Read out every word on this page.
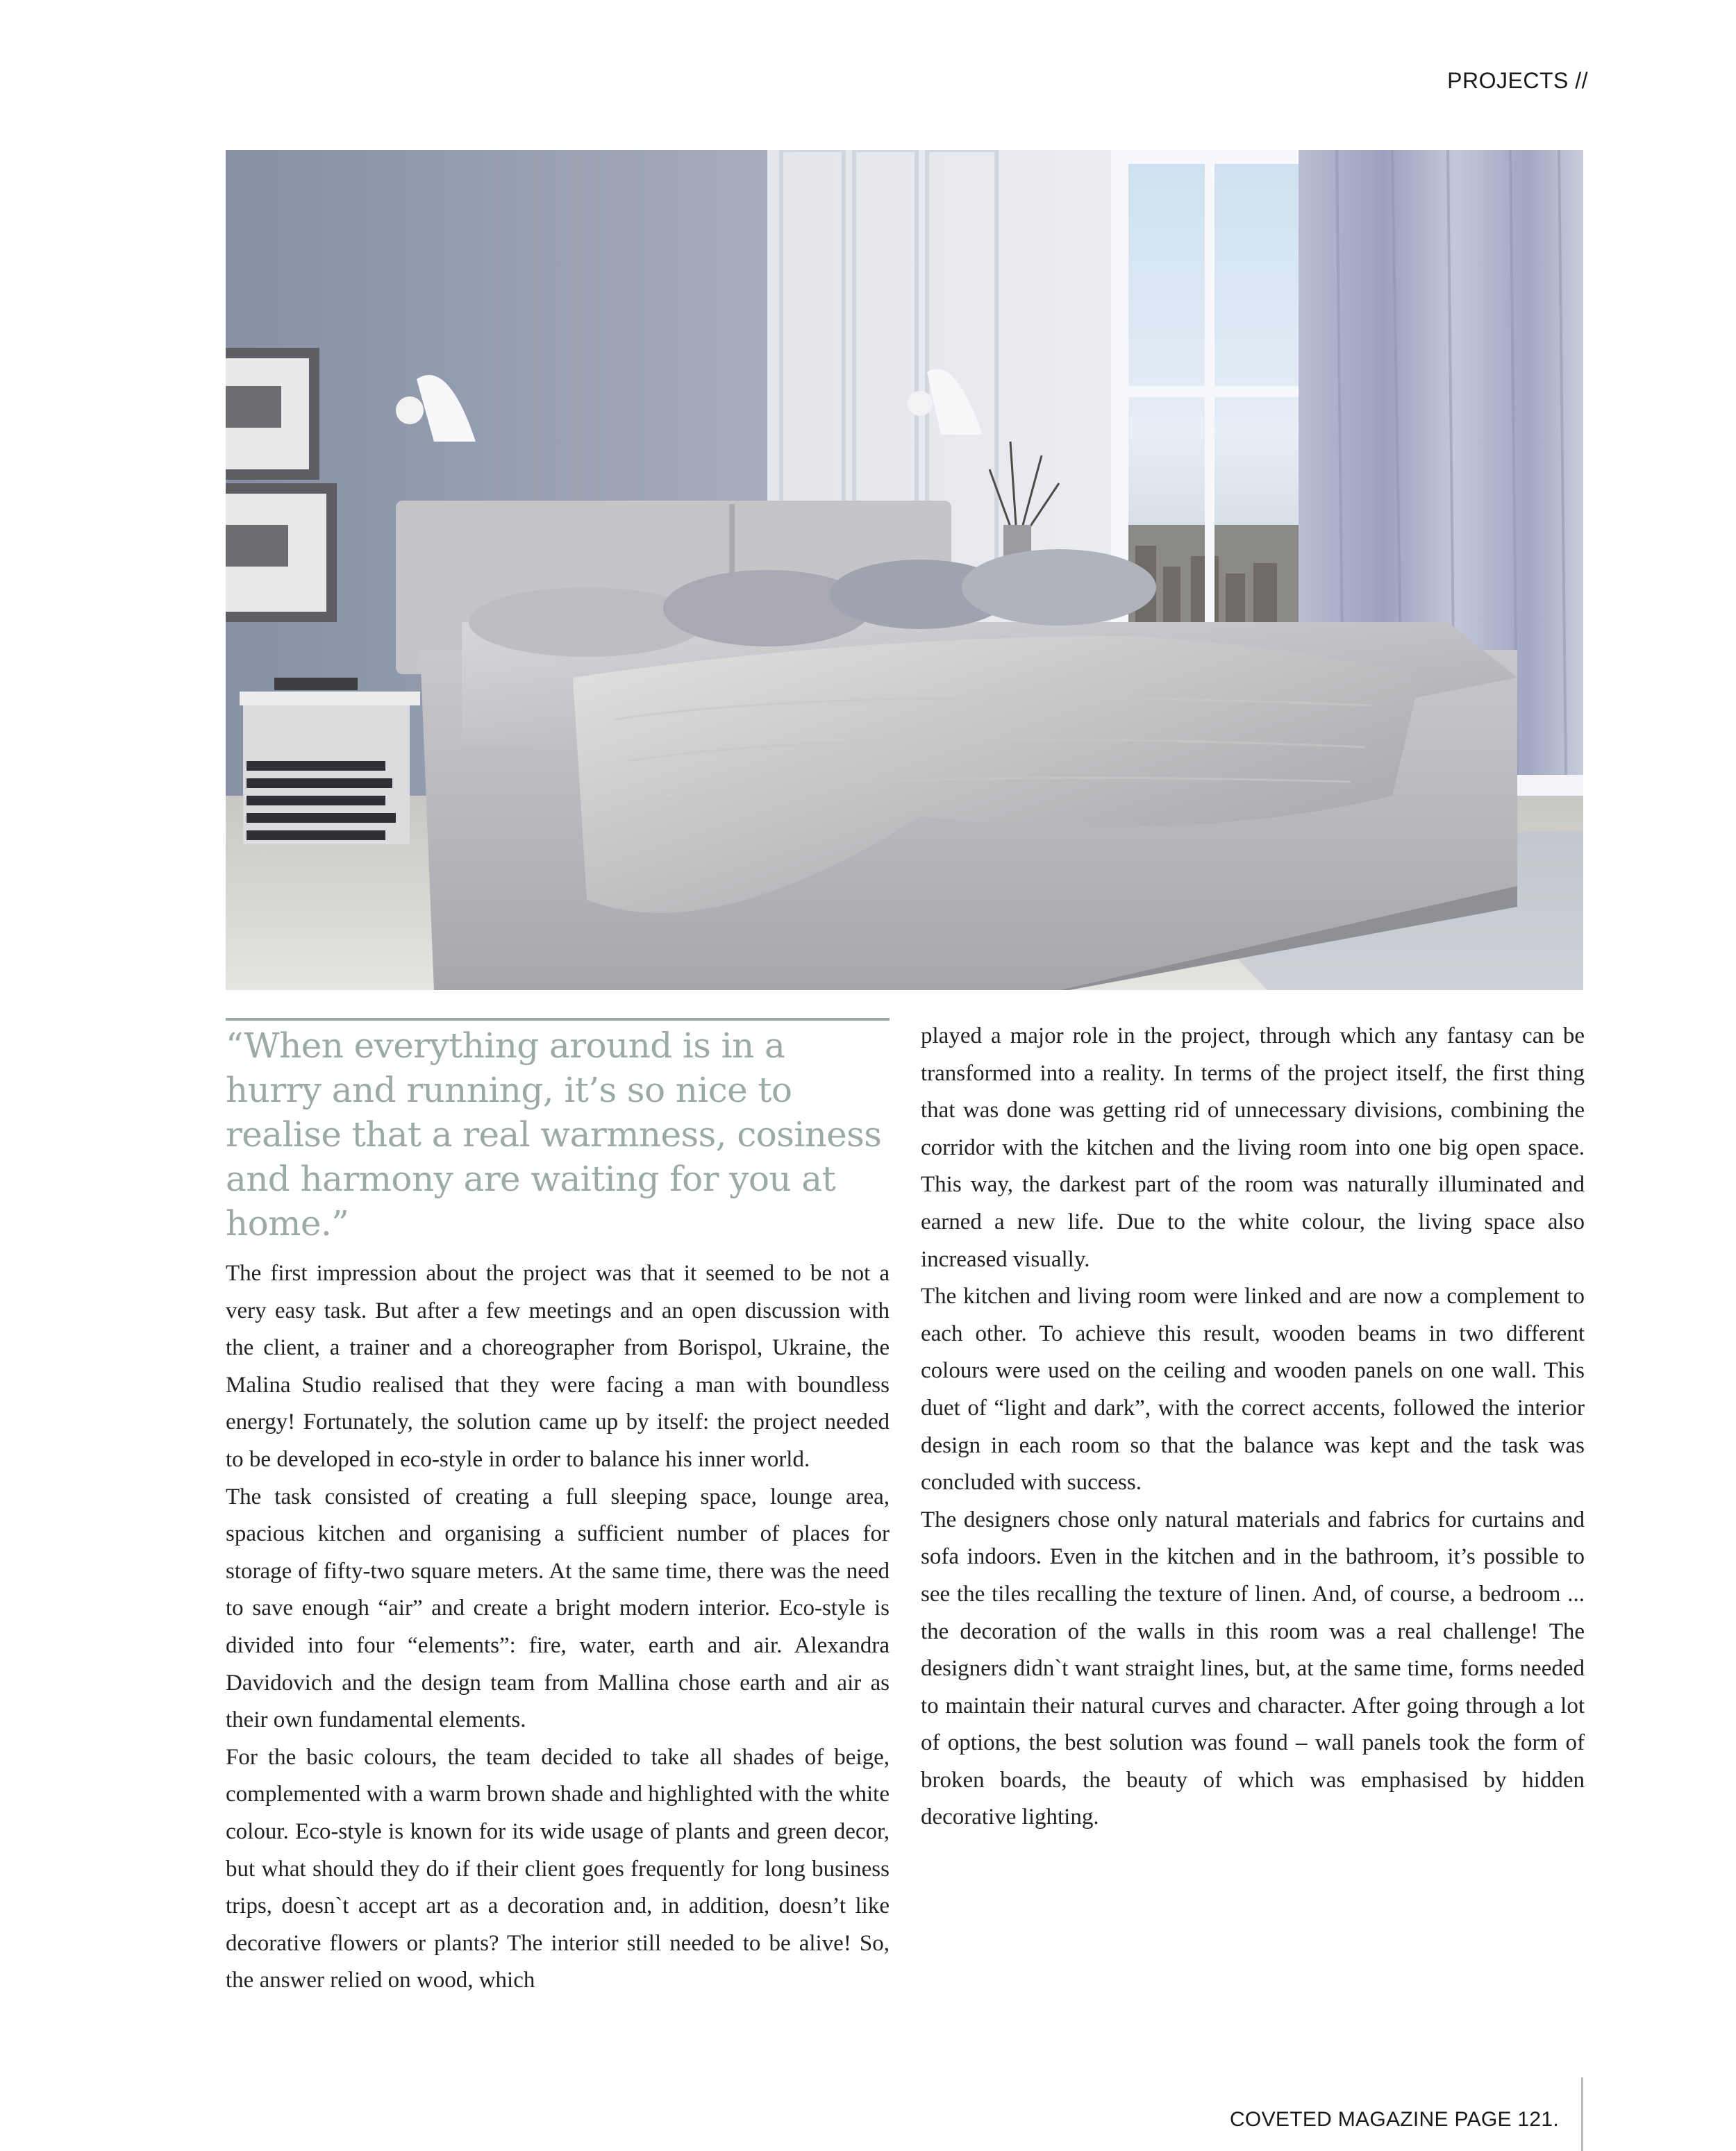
PROJECTS //
“When everything around is in a hurry and running, it’s so nice to realise that a real warmness, cosiness and harmony are waiting for you at home.”

The first impression about the project was that it seemed to be not a very easy task. But after a few meetings and an open discussion with the client, a trainer and a choreographer from Borispol, Ukraine, the Malina Studio realised that they were facing a man with boundless energy! Fortunately, the solution came up by itself: the project needed to be developed in eco-style in order to balance his inner world.

The task consisted of creating a full sleeping space, lounge area, spacious kitchen and organising a sufficient number of places for storage of fifty-two square meters. At the same time, there was the need to save enough “air” and create a bright modern interior. Eco-style is divided into four “elements”: fire, water, earth and air. Alexandra Davidovich and the design team from Mallina chose earth and air as their own fundamental elements.

For the basic colours, the team decided to take all shades of beige, complemented with a warm brown shade and highlighted with the white colour. Eco-style is known for its wide usage of plants and green decor, but what should they do if their client goes frequently for long business trips, doesn`t accept art as a decoration and, in addition, doesn’t like decorative flowers or plants? The interior still needed to be alive! So, the answer relied on wood, which

played a major role in the project, through which any fantasy can be transformed into a reality. In terms of the project itself, the first thing that was done was getting rid of unnecessary divisions, combining the corridor with the kitchen and the living room into one big open space. This way, the darkest part of the room was naturally illuminated and earned a new life. Due to the white colour, the living space also increased visually.

The kitchen and living room were linked and are now a complement to each other. To achieve this result, wooden beams in two different colours were used on the ceiling and wooden panels on one wall. This duet of “light and dark”, with the correct accents, followed the interior design in each room so that the balance was kept and the task was concluded with success.

The designers chose only natural materials and fabrics for curtains and sofa indoors. Even in the kitchen and in the bathroom, it’s possible to see the tiles recalling the texture of linen. And, of course, a bedroom ... the decoration of the walls in this room was a real challenge! The designers didn`t want straight lines, but, at the same time, forms needed to maintain their natural curves and character. After going through a lot of options, the best solution was found – wall panels took the form of broken boards, the beauty of which was emphasised by hidden decorative lighting.

COVETED MAGAZINE PAGE 121.
